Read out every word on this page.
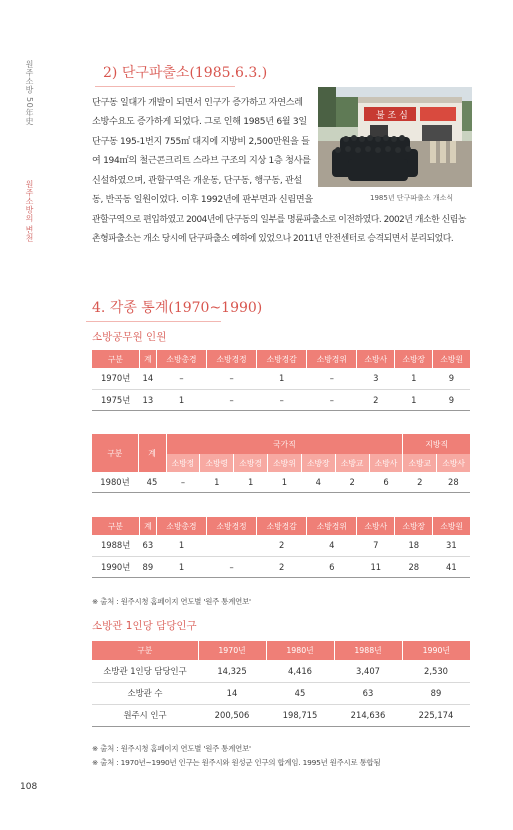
원주소방 50年史
원주소방의 변천
2) 단구파출소(1985.6.3.)
단구동 일대가 개발이 되면서 인구가 증가하고 자연스레
소방수요도 증가하게 되었다. 그로 인해 1985년 6월 3일
단구동 195-1번지 755㎡ 대지에 지방비 2,500만원을 들
여 194㎡의 철근콘크리트 스라브 구조의 지상 1층 청사를
신설하였으며, 관할구역은 개운동, 단구동, 행구동, 관설
동, 반곡동 일원이었다. 이후 1992년에 판부면과 신림면을
관할구역으로 편입하였고 2004년에 단구동의 일부를 명륜파출소로 이전하였다. 2002년 개소한 신림농
촌형파출소는 개소 당시에 단구파출소 예하에 있었으나 2011년 안전센터로 승격되면서 분리되었다.
불 조 심
1985년 단구파출소 개소식
4. 각종 통계(1970~1990)
소방공무원 인원
구분	계	소방총경	소방경정	소방경감	소방경위	소방사	소방장	소방원
1970년	14	–	–	1	–	3	1	9
1975년	13	1	–	–	–	2	1	9
구분	계	국가직							지방직	
		소방정	소방령	소방경	소방위	소방장	소방교	소방사	소방교	소방사
1980년	45	–	1	1	1	4	2	6	2	28
구분	계	소방총경	소방경정	소방경감	소방경위	소방사	소방장	소방원
1988년	63	1		2	4	7	18	31
1990년	89	1	–	2	6	11	28	41
※ 출처 : 원주시청 홈페이지 연도별 '원주 통계연보'
소방관 1인당 담당인구
구분	1970년	1980년	1988년	1990년
소방관 1인당 담당인구	14,325	4,416	3,407	2,530
소방관 수	14	45	63	89
원주시 인구	200,506	198,715	214,636	225,174
※ 출처 : 원주시청 홈페이지 연도별 '원주 통계연보'
※ 출처 : 1970년~1990년 인구는 원주시와 원성군 인구의 합계임. 1995년 원주시로 통합됨
108
